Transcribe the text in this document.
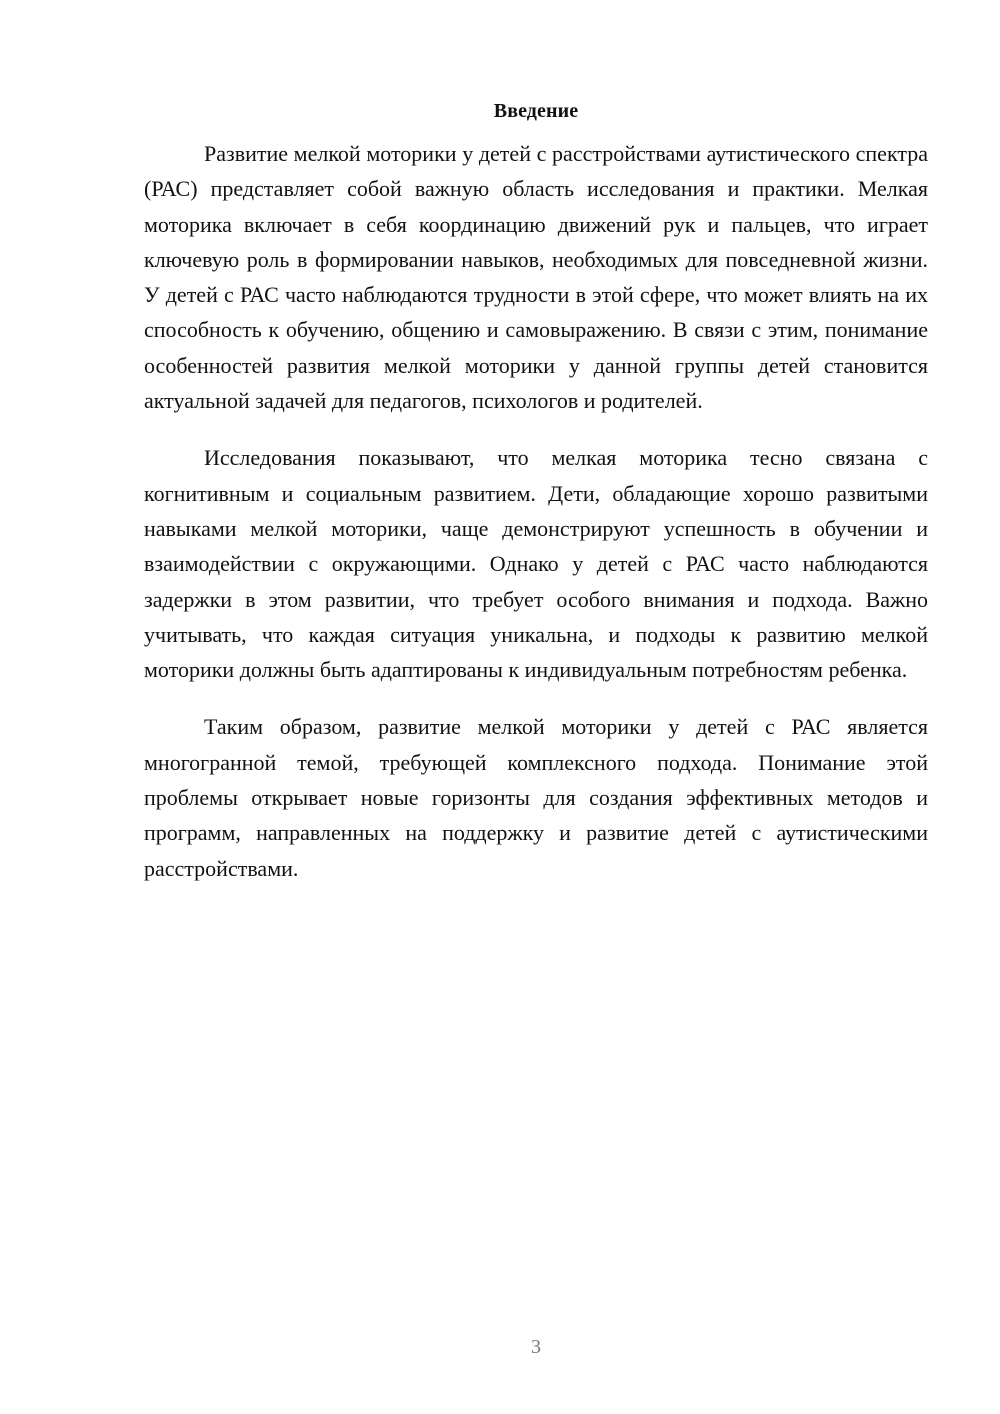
Введение

Развитие мелкой моторики у детей с расстройствами аутистического спектра (РАС) представляет собой важную область исследования и практики. Мелкая моторика включает в себя координацию движений рук и пальцев, что играет ключевую роль в формировании навыков, необходимых для повседневной жизни. У детей с РАС часто наблюдаются трудности в этой сфере, что может влиять на их способность к обучению, общению и самовыражению. В связи с этим, понимание особенностей развития мелкой моторики у данной группы детей становится актуальной задачей для педагогов, психологов и родителей.

Исследования показывают, что мелкая моторика тесно связана с когнитивным и социальным развитием. Дети, обладающие хорошо развитыми навыками мелкой моторики, чаще демонстрируют успешность в обучении и взаимодействии с окружающими. Однако у детей с РАС часто наблюдаются задержки в этом развитии, что требует особого внимания и подхода. Важно учитывать, что каждая ситуация уникальна, и подходы к развитию мелкой моторики должны быть адаптированы к индивидуальным потребностям ребенка.

Таким образом, развитие мелкой моторики у детей с РАС является многогранной темой, требующей комплексного подхода. Понимание этой проблемы открывает новые горизонты для создания эффективных методов и программ, направленных на поддержку и развитие детей с аутистическими расстройствами.

3
